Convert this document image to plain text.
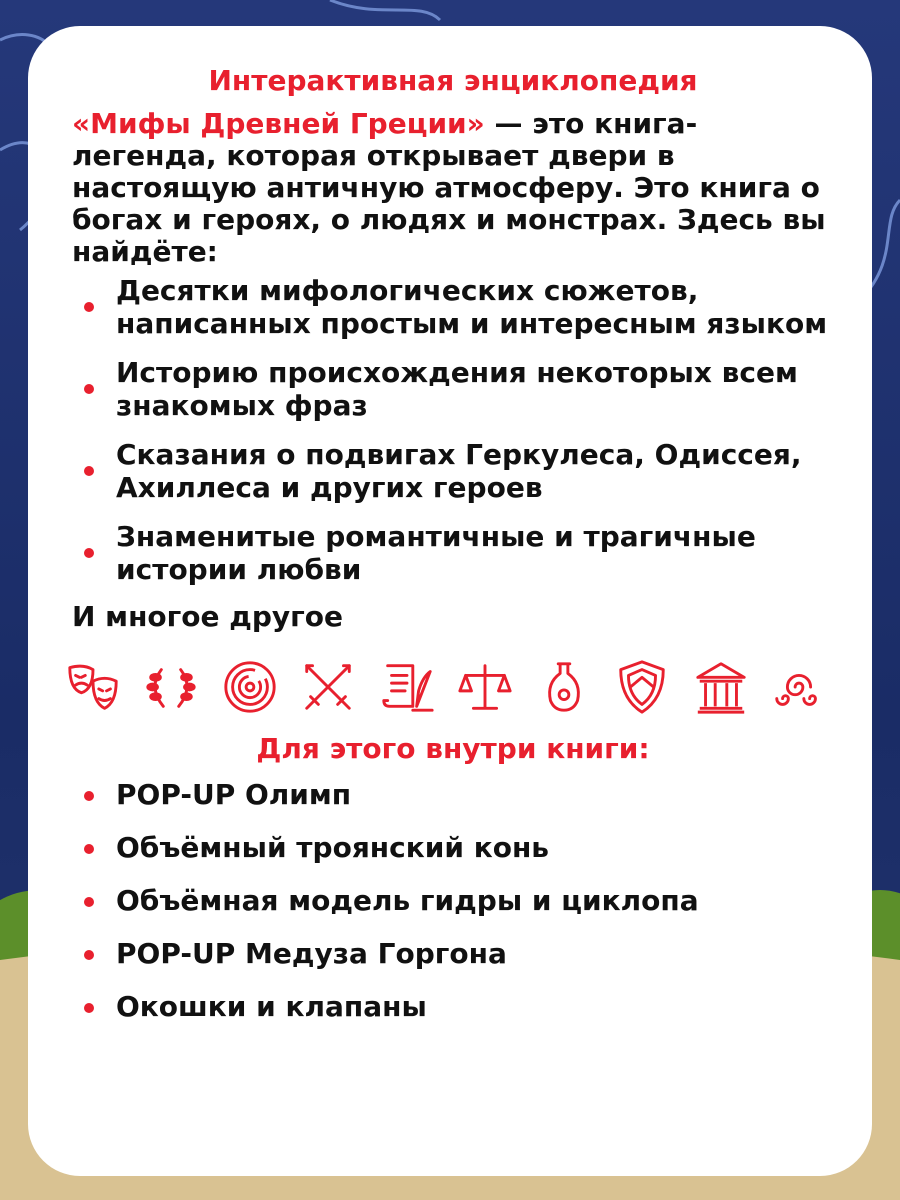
Интерактивная энциклопедия

«Мифы Древней Греции» — это книга-легенда, которая открывает двери в настоящую античную атмосферу. Это книга о богах и героях, о людях и монстрах. Здесь вы найдёте:

Десятки мифологических сюжетов, написанных простым и интересным языком
Историю происхождения некоторых всем знакомых фраз
Сказания о подвигах Геркулеса, Одиссея, Ахиллеса и других героев
Знаменитые романтичные и трагичные истории любви

И многое другое

Для этого внутри книги:
POP-UP Олимп
Объёмный троянский конь
Объёмная модель гидры и циклопа
POP-UP Медуза Горгона
Окошки и клапаны
